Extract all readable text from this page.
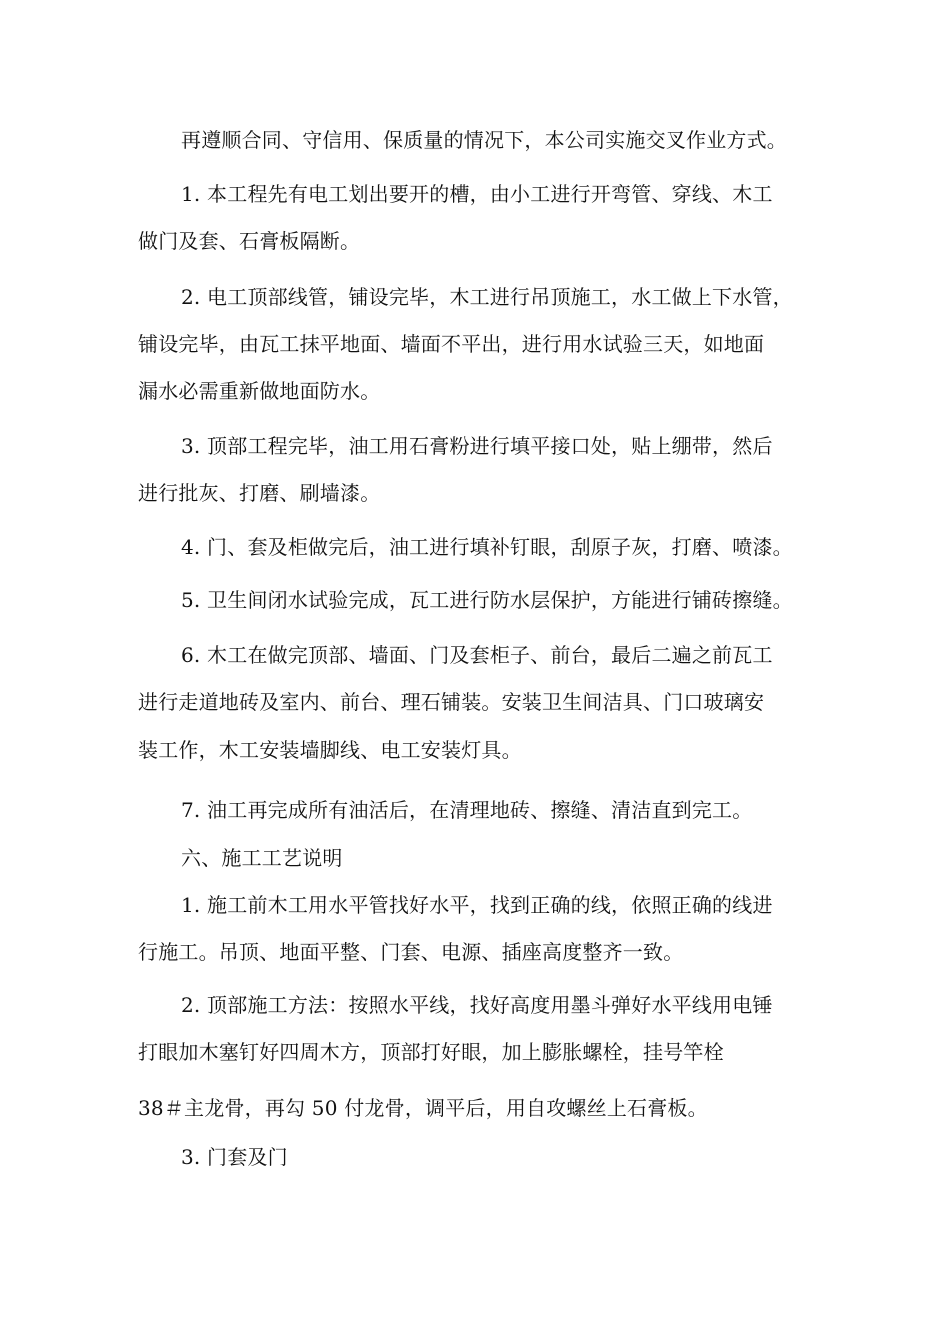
再遵顺合同、守信用、保质量的情况下，本公司实施交叉作业方式。
1. 本工程先有电工划出要开的槽，由小工进行开弯管、穿线、木工
做门及套、石膏板隔断。
2. 电工顶部线管，铺设完毕，木工进行吊顶施工，水工做上下水管，
铺设完毕，由瓦工抹平地面、墙面不平出，进行用水试验三天，如地面
漏水必需重新做地面防水。
3. 顶部工程完毕，油工用石膏粉进行填平接口处，贴上绷带，然后
进行批灰、打磨、刷墙漆。
4. 门、套及柜做完后，油工进行填补钉眼，刮原子灰，打磨、喷漆。
5. 卫生间闭水试验完成，瓦工进行防水层保护，方能进行铺砖擦缝。
6. 木工在做完顶部、墙面、门及套柜子、前台，最后二遍之前瓦工
进行走道地砖及室内、前台、理石铺装。安装卫生间洁具、门口玻璃安
装工作，木工安装墙脚线、电工安装灯具。
7. 油工再完成所有油活后，在清理地砖、擦缝、清洁直到完工。
六、施工工艺说明
1. 施工前木工用水平管找好水平，找到正确的线，依照正确的线进
行施工。吊顶、地面平整、门套、电源、插座高度整齐一致。
2. 顶部施工方法：按照水平线，找好高度用墨斗弹好水平线用电锤
打眼加木塞钉好四周木方，顶部打好眼，加上膨胀螺栓，挂号竿栓
38＃主龙骨，再勾 50 付龙骨，调平后，用自攻螺丝上石膏板。
3. 门套及门
